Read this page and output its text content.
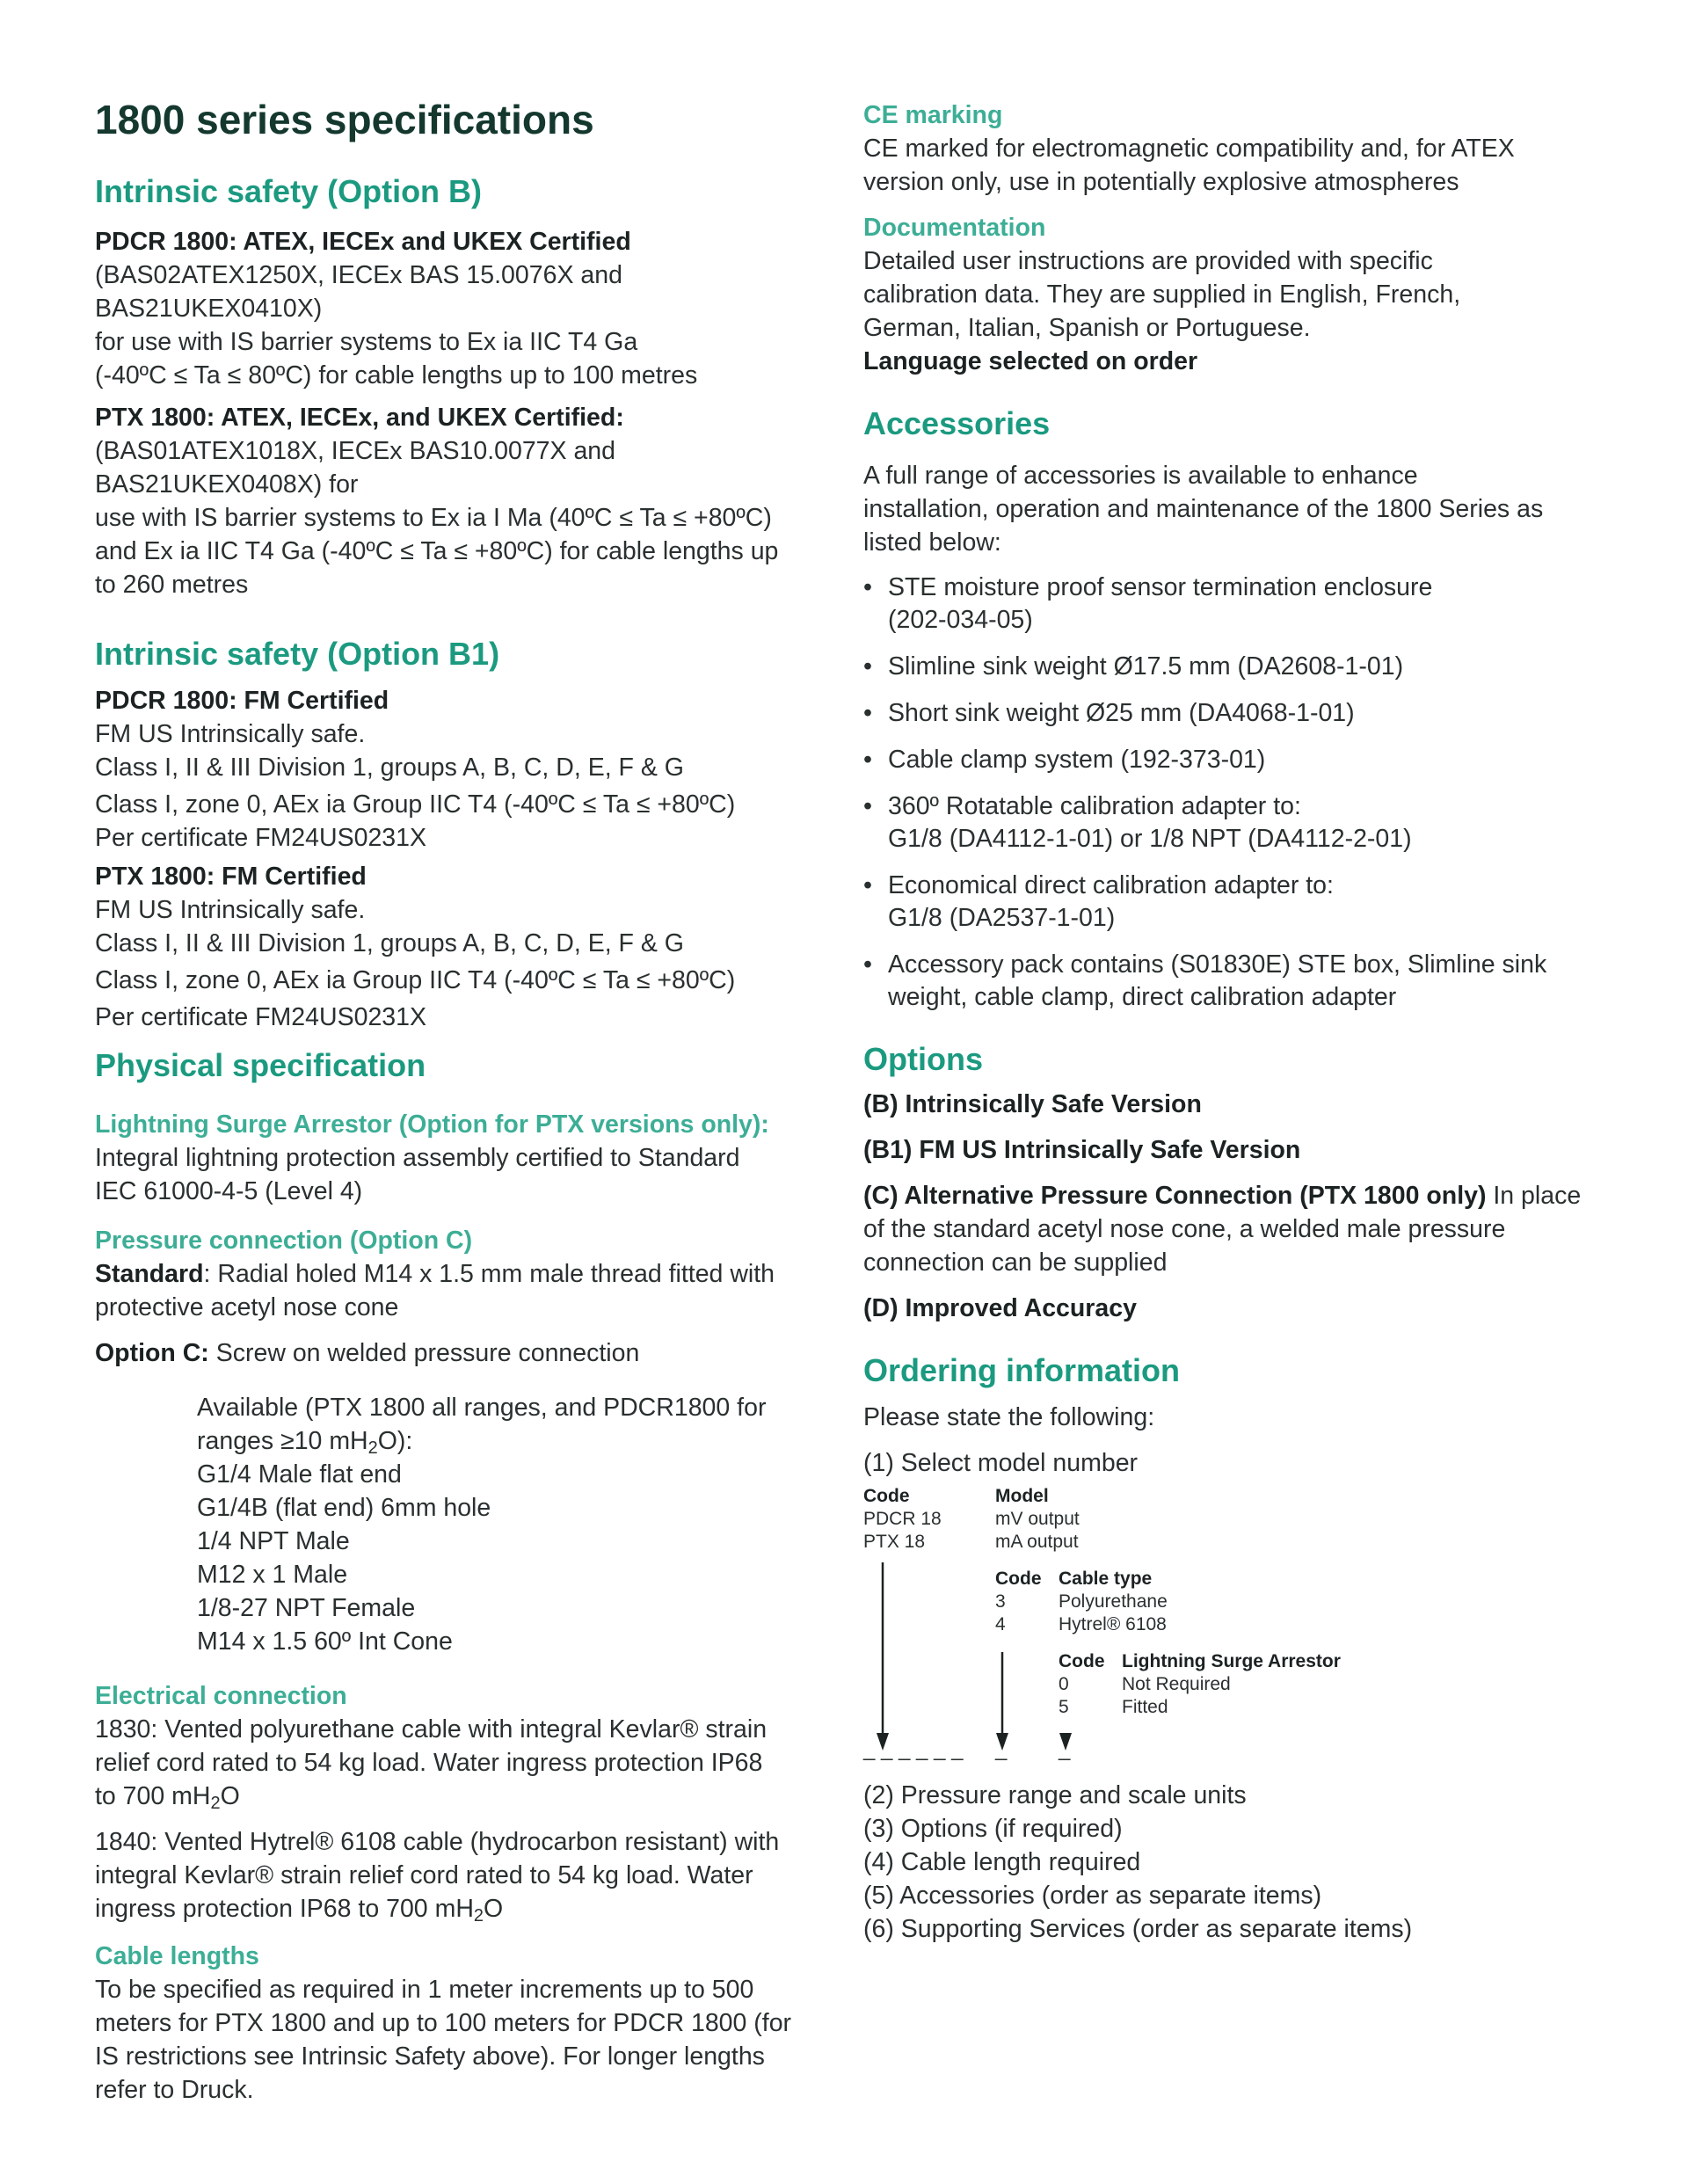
1800 series specifications
Intrinsic safety (Option B)
PDCR 1800: ATEX, IECEx and UKEX Certified
(BAS02ATEX1250X, IECEx BAS 15.0076X and BAS21UKEX0410X)
for use with IS barrier systems to Ex ia IIC T4 Ga
(-40ºC ≤ Ta ≤ 80ºC) for cable lengths up to 100 metres
PTX 1800: ATEX, IECEx, and UKEX Certified:
(BAS01ATEX1018X, IECEx BAS10.0077X and BAS21UKEX0408X) for
use with IS barrier systems to Ex ia I Ma (40ºC ≤ Ta ≤ +80ºC)
and Ex ia IIC T4 Ga (-40ºC ≤ Ta ≤ +80ºC) for cable lengths up
to 260 metres
Intrinsic safety (Option B1)
PDCR 1800: FM Certified
FM US Intrinsically safe.
Class I, II & III Division 1, groups A, B, C, D, E, F & G
Class I, zone 0, AEx ia Group IIC T4 (-40ºC ≤ Ta ≤ +80ºC)
Per certificate FM24US0231X
PTX 1800: FM Certified
FM US Intrinsically safe.
Class I, II & III Division 1, groups A, B, C, D, E, F & G
Class I, zone 0, AEx ia Group IIC T4 (-40ºC ≤ Ta ≤ +80ºC)
Per certificate FM24US0231X
Physical specification
Lightning Surge Arrestor (Option for PTX versions only):
Integral lightning protection assembly certified to Standard
IEC 61000-4-5 (Level 4)
Pressure connection (Option C)
Standard: Radial holed M14 x 1.5 mm male thread fitted with
protective acetyl nose cone
Option C: Screw on welded pressure connection
Available (PTX 1800 all ranges, and PDCR1800 for
ranges ≥10 $mH_2O$):
G1/4 Male flat end
G1/4B (flat end) 6mm hole
1/4 NPT Male
M12 x 1 Male
1/8-27 NPT Female
M14 x 1.5 60º Int Cone
Electrical connection
1830: Vented polyurethane cable with integral Kevlar® strain
relief cord rated to 54 kg load. Water ingress protection IP68
to 700 $mH_2O$
1840: Vented Hytrel® 6108 cable (hydrocarbon resistant) with
integral Kevlar® strain relief cord rated to 54 kg load. Water
ingress protection IP68 to 700 $mH_2O$
Cable lengths
To be specified as required in 1 meter increments up to 500
meters for PTX 1800 and up to 100 meters for PDCR 1800 (for
IS restrictions see Intrinsic Safety above). For longer lengths
refer to Druck.
CE marking
CE marked for electromagnetic compatibility and, for ATEX
version only, use in potentially explosive atmospheres
Documentation
Detailed user instructions are provided with specific
calibration data. They are supplied in English, French,
German, Italian, Spanish or Portuguese.
Language selected on order
Accessories
A full range of accessories is available to enhance
installation, operation and maintenance of the 1800 Series as
listed below:
• STE moisture proof sensor termination enclosure
(202-034-05)
• Slimline sink weight Ø17.5 mm (DA2608-1-01)
• Short sink weight Ø25 mm (DA4068-1-01)
• Cable clamp system (192-373-01)
• 360º Rotatable calibration adapter to:
G1/8 (DA4112-1-01) or 1/8 NPT (DA4112-2-01)
• Economical direct calibration adapter to:
G1/8 (DA2537-1-01)
• Accessory pack contains (S01830E) STE box, Slimline sink
weight, cable clamp, direct calibration adapter
Options
(B) Intrinsically Safe Version
(B1) FM US Intrinsically Safe Version
(C) Alternative Pressure Connection (PTX 1800 only) In place
of the standard acetyl nose cone, a welded male pressure
connection can be supplied
(D) Improved Accuracy
Ordering information
Please state the following:
(1) Select model number
Code	Model
PDCR 18
PTX 18
mV output
mA output
Code Cable type
3
4
Polyurethane
Hytrel® 6108
Code Lightning Surge Arrestor
0
5
Not Required
Fitted
_ _ _ _ _ _ _ _
(2) Pressure range and scale units
(3) Options (if required)
(4) Cable length required
(5) Accessories (order as separate items)
(6) Supporting Services (order as separate items)
